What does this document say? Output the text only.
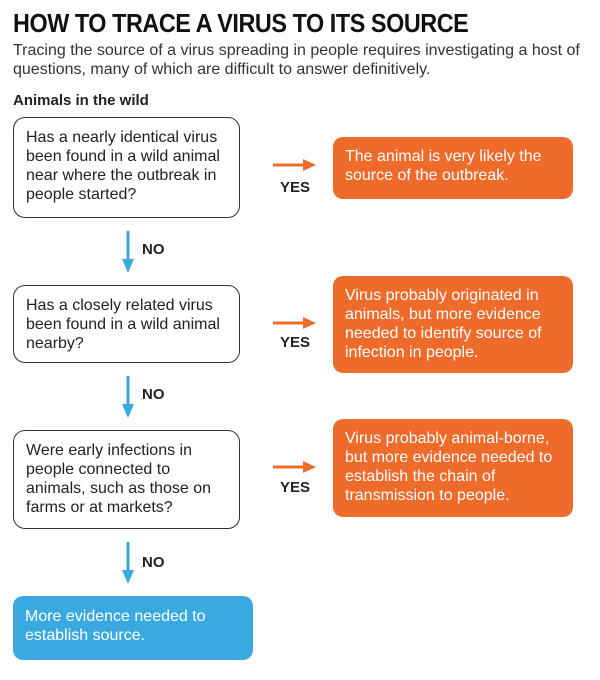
HOW TO TRACE A VIRUS TO ITS SOURCE
Tracing the source of a virus spreading in people requires investigating a host of questions, many of which are difficult to answer definitively.
Animals in the wild
Has a nearly identical virus been found in a wild animal near where the outbreak in people started?	YES
The animal is very likely the source of the outbreak.
NO
Has a closely related virus been found in a wild animal nearby?	YES
Virus probably originated in animals, but more evidence needed to identify source of infection in people.
NO
Were early infections in people connected to animals, such as those on farms or at markets?
YES
Virus probably animal-borne, but more evidence needed to establish the chain of transmission to people.
NO
More evidence needed to establish source.
